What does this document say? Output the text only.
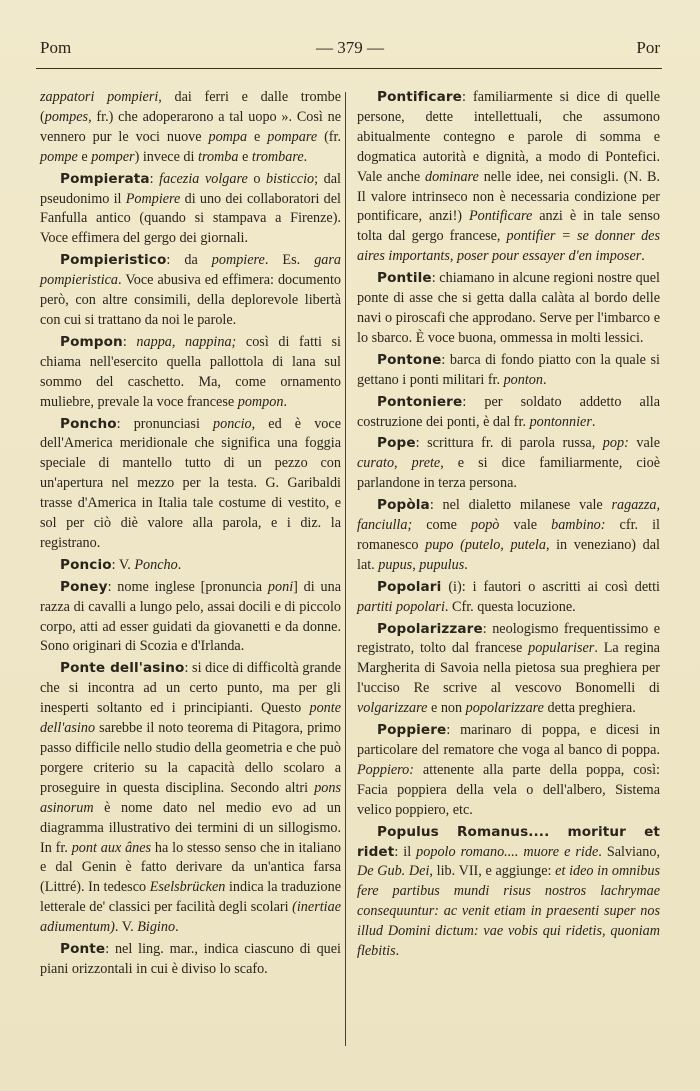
Pom	— 379 —	Por

zappatori pompieri, dai ferri e dalle trombe (pompes, fr.) che adoperarono a tal uopo ». Così ne vennero pur le voci nuove pompa e pompare (fr. pompe e pomper) invece di tromba e trombare.

Pompierata: facezia volgare o bisticcio; dal pseudonimo il Pompiere di uno dei collaboratori del Fanfulla antico (quando si stampava a Firenze). Voce effimera del gergo dei giornali.

Pompieristico: da pompiere. Es. gara pompieristica. Voce abusiva ed effimera: documento però, con altre consimili, della deplorevole libertà con cui si trattano da noi le parole.

Pompon: nappa, nappina; così di fatti si chiama nell'esercito quella pallottola di lana sul sommo del caschetto. Ma, come ornamento muliebre, prevale la voce francese pompon.

Poncho: pronunciasi poncio, ed è voce dell'America meridionale che significa una foggia speciale di mantello tutto di un pezzo con un'apertura nel mezzo per la testa. G. Garibaldi trasse d'America in Italia tale costume di vestito, e sol per ciò diè valore alla parola, e i diz. la registrano.

Poncio: V. Poncho.

Poney: nome inglese [pronuncia poni] di una razza di cavalli a lungo pelo, assai docili e di piccolo corpo, atti ad esser guidati da giovanetti e da donne. Sono originari di Scozia e d'Irlanda.

Ponte dell'asino: si dice di difficoltà grande che si incontra ad un certo punto, ma per gli inesperti soltanto ed i principianti. Questo ponte dell'asino sarebbe il noto teorema di Pitagora, primo passo difficile nello studio della geometria e che può porgere criterio su la capacità dello scolaro a proseguire in questa disciplina. Secondo altri pons asinorum è nome dato nel medio evo ad un diagramma illustrativo dei termini di un sillogismo. In fr. pont aux ânes ha lo stesso senso che in italiano e dal Genin è fatto derivare da un'antica farsa (Littré). In tedesco Eselsbrücken indica la traduzione letterale de' classici per facilità degli scolari (inertiae adiumentum). V. Bigino.

Ponte: nel ling. mar., indica ciascuno di quei piani orizzontali in cui è diviso lo scafo.

Pontificare: familiarmente si dice di quelle persone, dette intellettuali, che assumono abitualmente contegno e parole di somma e dogmatica autorità e dignità, a modo di Pontefici. Vale anche dominare nelle idee, nei consigli. (N. B. Il valore intrinseco non è necessaria condizione per pontificare, anzi!) Pontificare anzi è in tale senso tolta dal gergo francese, pontifier = se donner des aires importants, poser pour essayer d'en imposer.

Pontile: chiamano in alcune regioni nostre quel ponte di asse che si getta dalla calàta al bordo delle navi o piroscafi che approdano. Serve per l'imbarco e lo sbarco. È voce buona, ommessa in molti lessici.

Pontone: barca di fondo piatto con la quale si gettano i ponti militari fr. ponton.

Pontoniere: per soldato addetto alla costruzione dei ponti, è dal fr. pontonnier.

Pope: scrittura fr. di parola russa, pop: vale curato, prete, e si dice familiarmente, cioè parlandone in terza persona.

Popòla: nel dialetto milanese vale ragazza, fanciulla; come popò vale bambino: cfr. il romanesco pupo (putelo, putela, in veneziano) dal lat. pupus, pupulus.

Popolari (i): i fautori o ascritti ai così detti partiti popolari. Cfr. questa locuzione.

Popolarizzare: neologismo frequentissimo e registrato, tolto dal francese populariser. La regina Margherita di Savoia nella pietosa sua preghiera per l'ucciso Re scrive al vescovo Bonomelli di volgarizzare e non popolarizzare detta preghiera.

Poppiere: marinaro di poppa, e dicesi in particolare del rematore che voga al banco di poppa. Poppiero: attenente alla parte della poppa, così: Facia poppiera della vela o dell'albero, Sistema velico poppiero, etc.

Populus Romanus.... moritur et ridet: il popolo romano.... muore e ride. Salviano, De Gub. Dei, lib. VII, e aggiunge: et ideo in omnibus fere partibus mundi risus nostros lachrymae consequuntur: ac venit etiam in praesenti super nos illud Domini dictum: vae vobis qui ridetis, quoniam flebitis.
